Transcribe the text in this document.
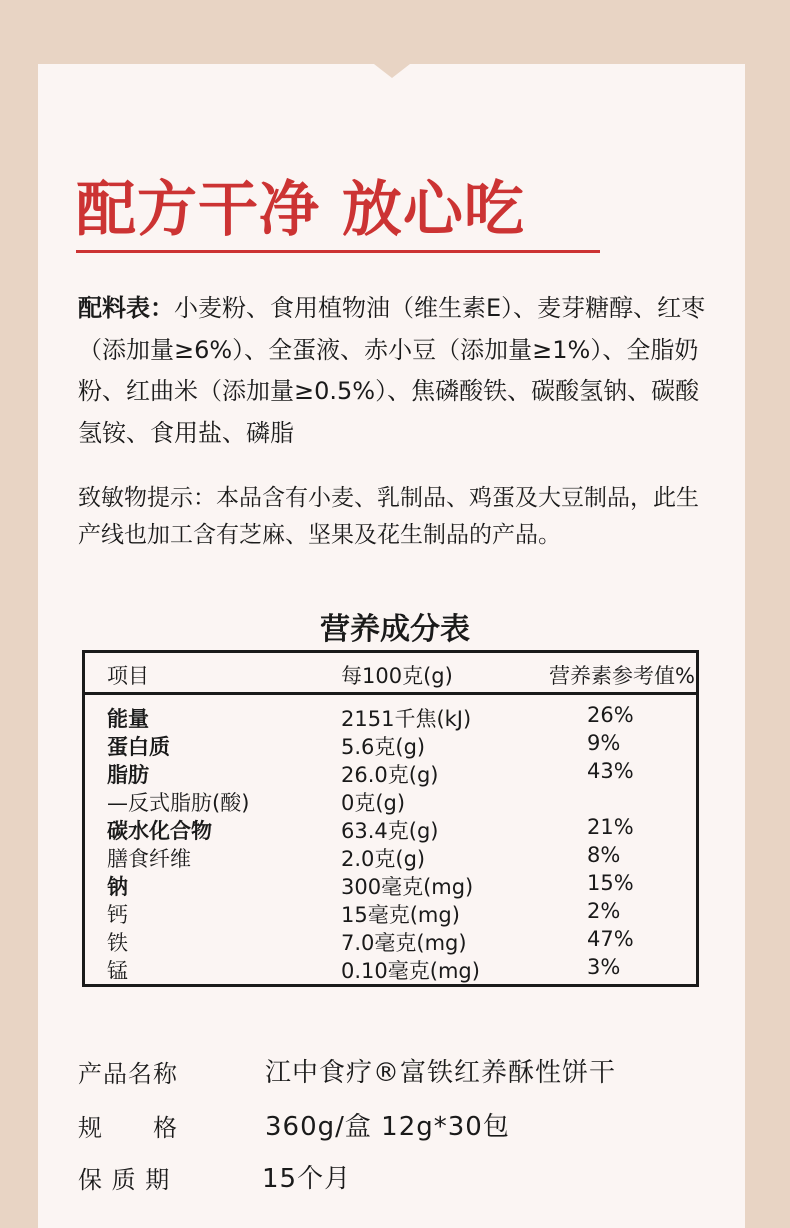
配方干净 放心吃
配料表：小麦粉、食用植物油（维生素E）、麦芽糖醇、红枣（添加量≥6%）、全蛋液、赤小豆（添加量≥1%）、全脂奶粉、红曲米（添加量≥0.5%）、焦磷酸铁、碳酸氢钠、碳酸氢铵、食用盐、磷脂
致敏物提示：本品含有小麦、乳制品、鸡蛋及大豆制品，此生产线也加工含有芝麻、坚果及花生制品的产品。
营养成分表
项目	每100克(g)	营养素参考值%
能量	2151千焦(kJ)	26%
蛋白质	5.6克(g)	9%
脂肪	26.0克(g)	43%
—反式脂肪(酸)	0克(g)
碳水化合物	63.4克(g)	21%
膳食纤维	2.0克(g)	8%
钠	300毫克(mg)	15%
钙	15毫克(mg)	2%
铁	7.0毫克(mg)	47%
锰	0.10毫克(mg)	3%
产品名称	江中食疗®富铁红养酥性饼干
规　　格	360g/盒 12g*30包
保 质 期	15个月
